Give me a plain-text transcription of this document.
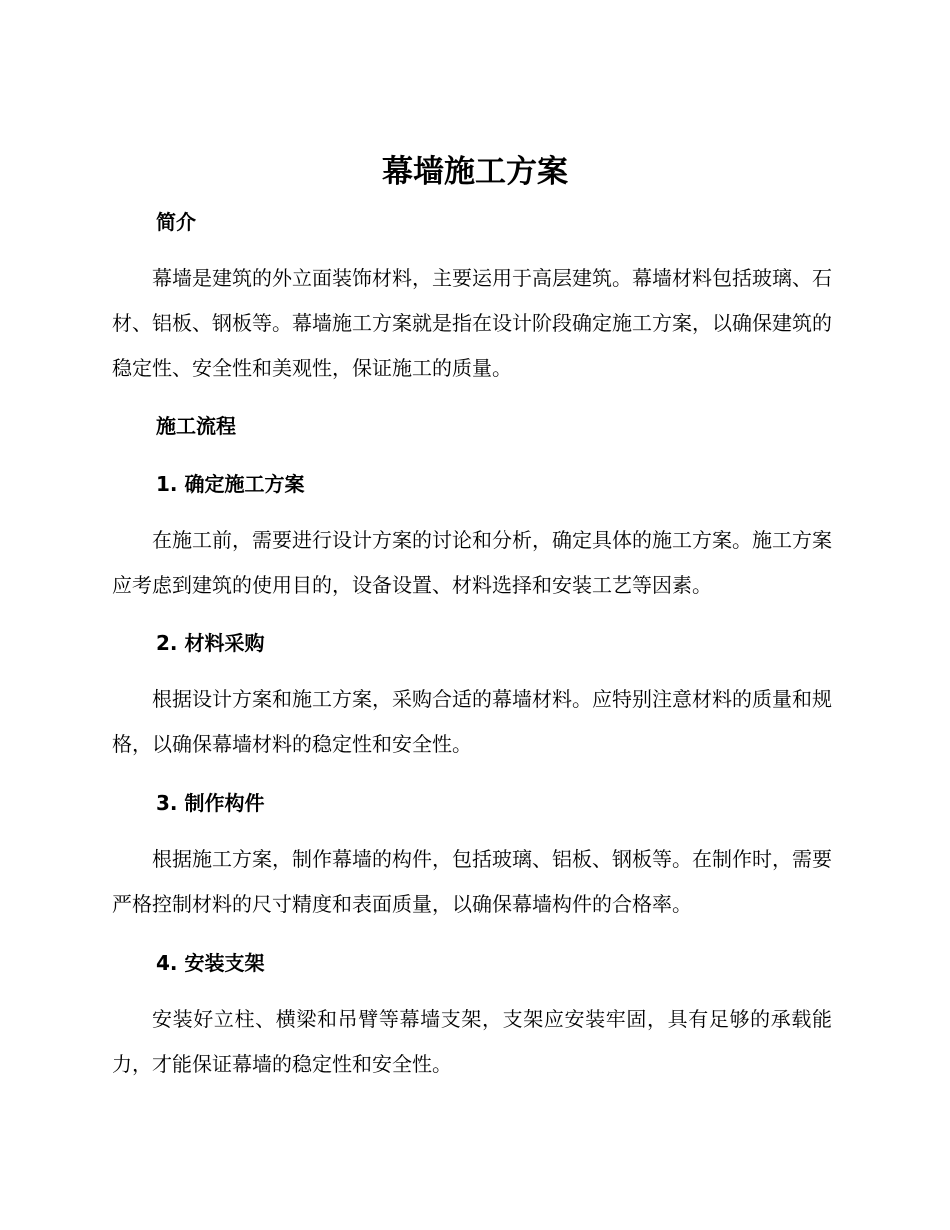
幕墙施工方案
简介

幕墙是建筑的外立面装饰材料，主要运用于高层建筑。幕墙材料包括玻璃、石材、铝板、钢板等。幕墙施工方案就是指在设计阶段确定施工方案，以确保建筑的稳定性、安全性和美观性，保证施工的质量。

施工流程
1. 确定施工方案

在施工前，需要进行设计方案的讨论和分析，确定具体的施工方案。施工方案应考虑到建筑的使用目的，设备设置、材料选择和安装工艺等因素。

2. 材料采购

根据设计方案和施工方案，采购合适的幕墙材料。应特别注意材料的质量和规格，以确保幕墙材料的稳定性和安全性。

3. 制作构件

根据施工方案，制作幕墙的构件，包括玻璃、铝板、钢板等。在制作时，需要严格控制材料的尺寸精度和表面质量，以确保幕墙构件的合格率。

4. 安装支架

安装好立柱、横梁和吊臂等幕墙支架，支架应安装牢固，具有足够的承载能力，才能保证幕墙的稳定性和安全性。
